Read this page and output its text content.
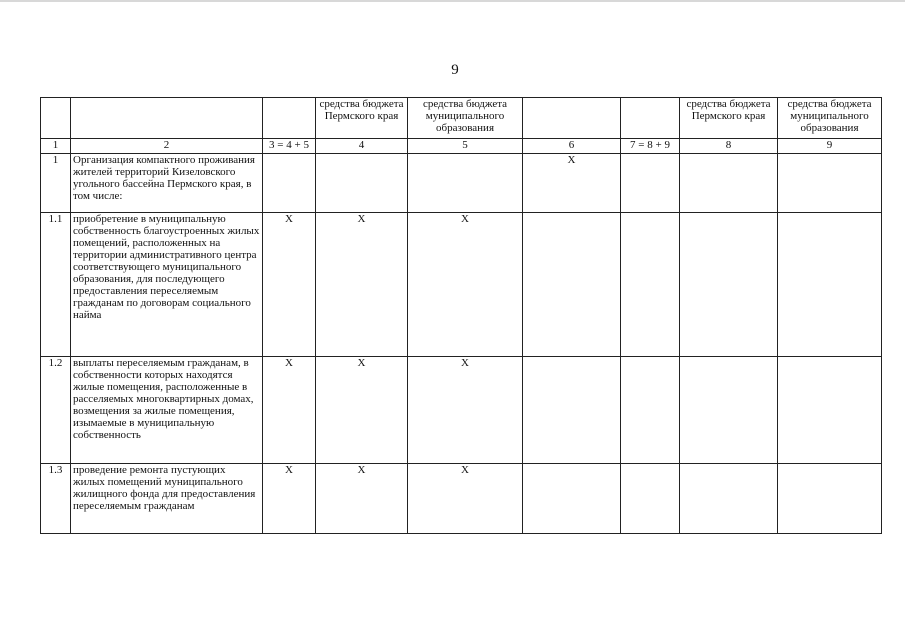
9
			средства бюджета Пермского края	средства бюджета муниципального образования			средства бюджета Пермского края	средства бюджета муниципального образования
1	2	3 = 4 + 5	4	5	6	7 = 8 + 9	8	9
1	Организация компактного проживания жителей территорий Кизеловского угольного бассейна Пермского края, в том числе:				X			
1.1	приобретение в муниципальную собственность благоустроенных жилых помещений, расположенных на территории административного центра соответствующего муниципального образования, для последующего предоставления переселяемым гражданам по договорам социального найма	X	X	X				
1.2	выплаты переселяемым гражданам, в собственности которых находятся жилые помещения, расположенные в расселяемых многоквартирных домах, возмещения за жилые помещения, изымаемые в муниципальную собственность	X	X	X				
1.3	проведение ремонта пустующих жилых помещений муниципального жилищного фонда для предоставления переселяемым гражданам	X	X	X				
